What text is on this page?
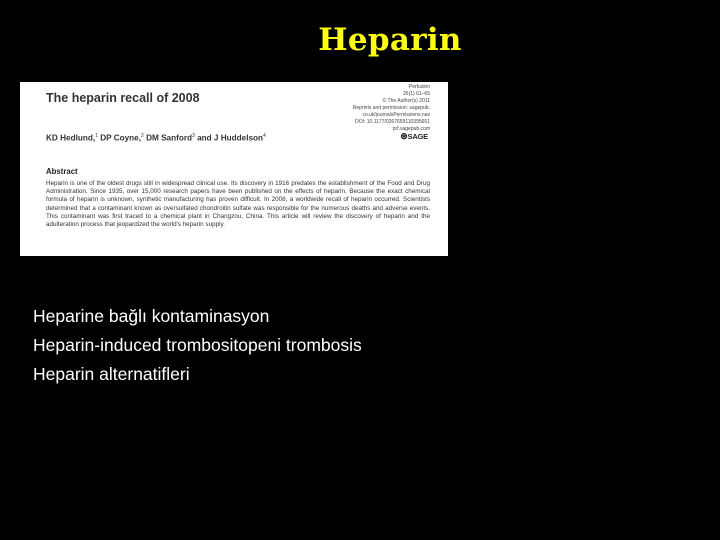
Heparin
The heparin recall of 2008
Perfusion
26(1) 61–65
© The Author(s) 2011
Reprints and permission: sagepub.
co.uk/journalsPermissions.nav
DOI: 10.1177/0267659110395651
prf.sagepub.com
⊛SAGE
KD Hedlund,$^1$ DP Coyne,$^2$ DM Sanford$^3$ and J Huddelson$^4$
Abstract
Heparin is one of the oldest drugs still in widespread clinical use. Its discovery in 1916 predates the establishment of the Food and Drug Administration. Since 1935, over 15,000 research papers have been published on the effects of heparin. Because the exact chemical formula of heparin is unknown, synthetic manufacturing has proven difficult. In 2008, a worldwide recall of heparin occurred. Scientists determined that a contaminant known as oversulfated chondroitin sulfate was responsible for the numerous deaths and adverse events. This contaminant was first traced to a chemical plant in Changzou, China. This article will review the discovery of heparin and the adulteration process that jeopardized the world's heparin supply.
Heparine bağlı kontaminasyon
Heparin-induced trombositopeni trombosis
Heparin alternatifleri
